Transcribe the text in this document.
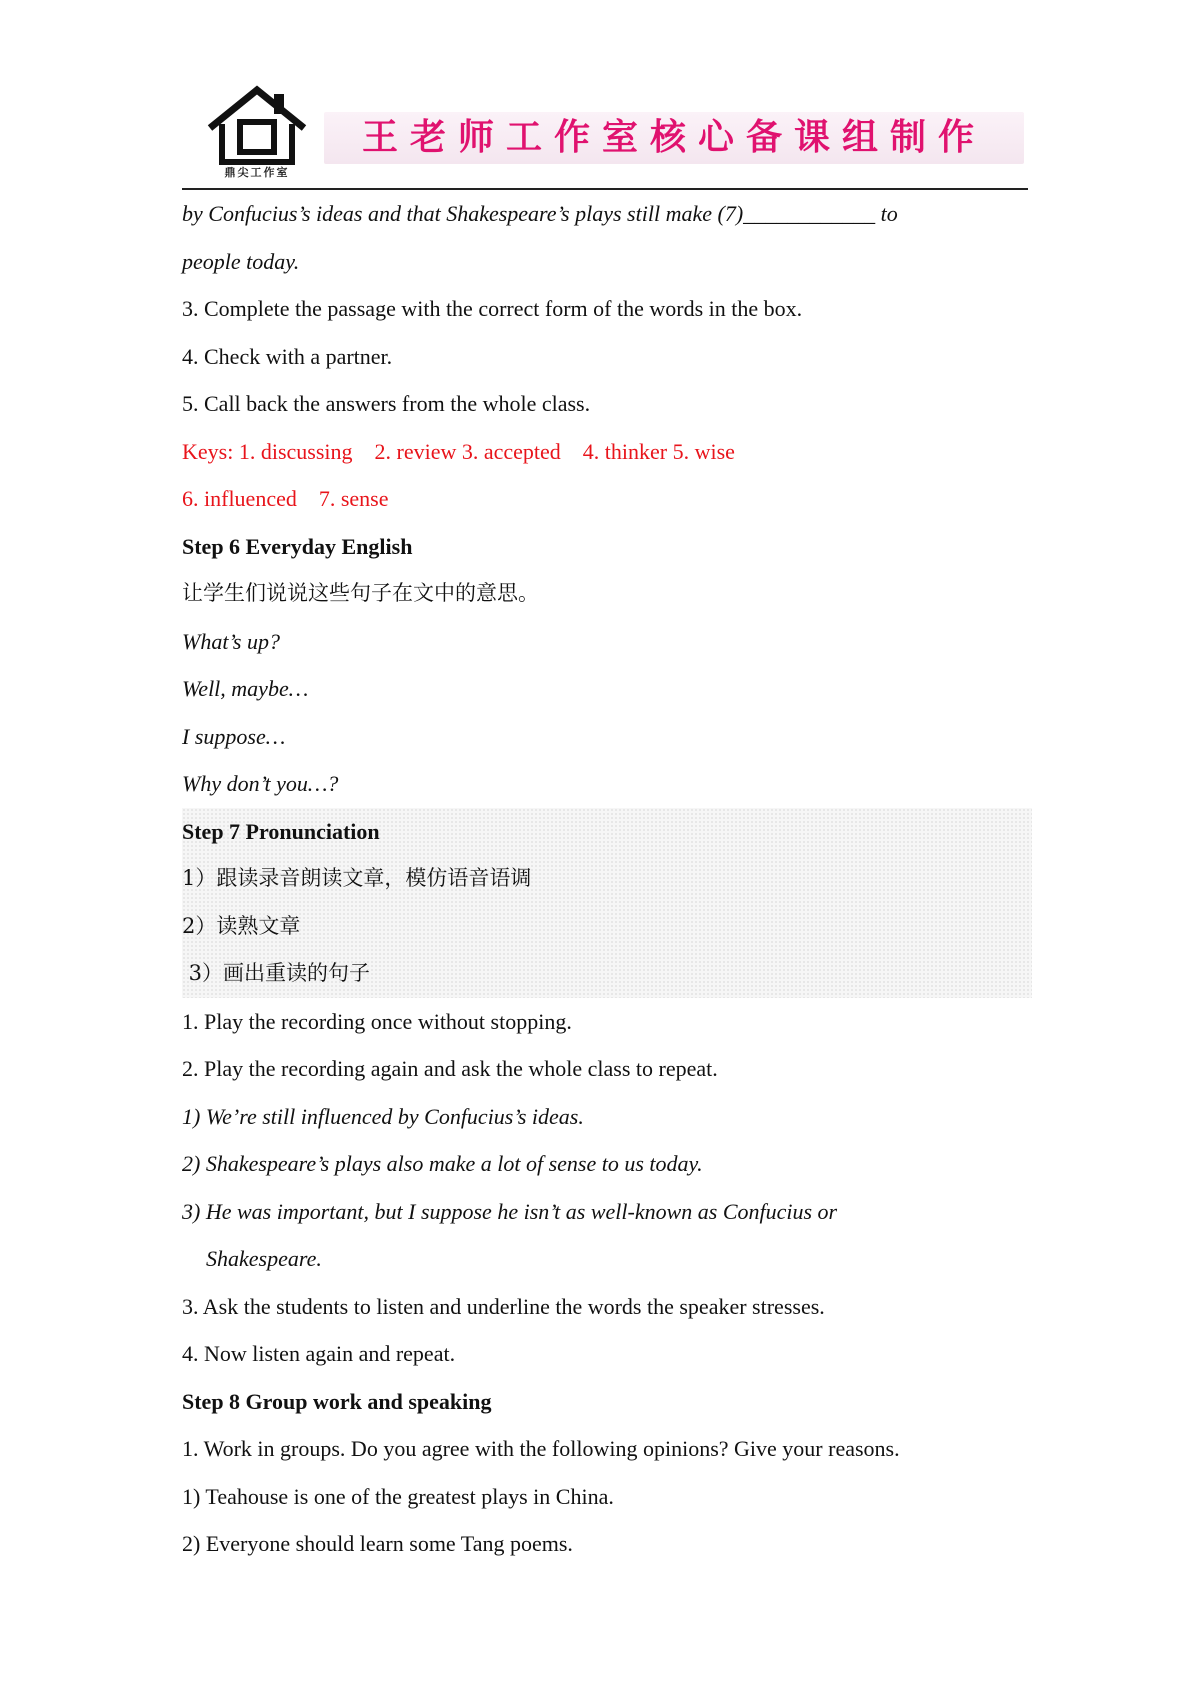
鼎尖工作室
王老师工作室核心备课组制作
by Confucius’s ideas and that Shakespeare’s plays still make (7)____________ to
people today.
3. Complete the passage with the correct form of the words in the box.
4. Check with a partner.
5. Call back the answers from the whole class.
Keys: 1. discussing 2. review 3. accepted 4. thinker 5. wise
6. influenced 7. sense
Step 6 Everyday English
让学生们说说这些句子在文中的意思。
What’s up?
Well, maybe…
I suppose…
Why don’t you…?
Step 7 Pronunciation
1）跟读录音朗读文章，模仿语音语调
2）读熟文章
3）画出重读的句子
1. Play the recording once without stopping.
2. Play the recording again and ask the whole class to repeat.
1) We’re still influenced by Confucius’s ideas.
2) Shakespeare’s plays also make a lot of sense to us today.
3) He was important, but I suppose he isn’t as well-known as Confucius or
Shakespeare.
3. Ask the students to listen and underline the words the speaker stresses.
4. Now listen again and repeat.
Step 8 Group work and speaking
1. Work in groups. Do you agree with the following opinions? Give your reasons.
1) Teahouse is one of the greatest plays in China.
2) Everyone should learn some Tang poems.
